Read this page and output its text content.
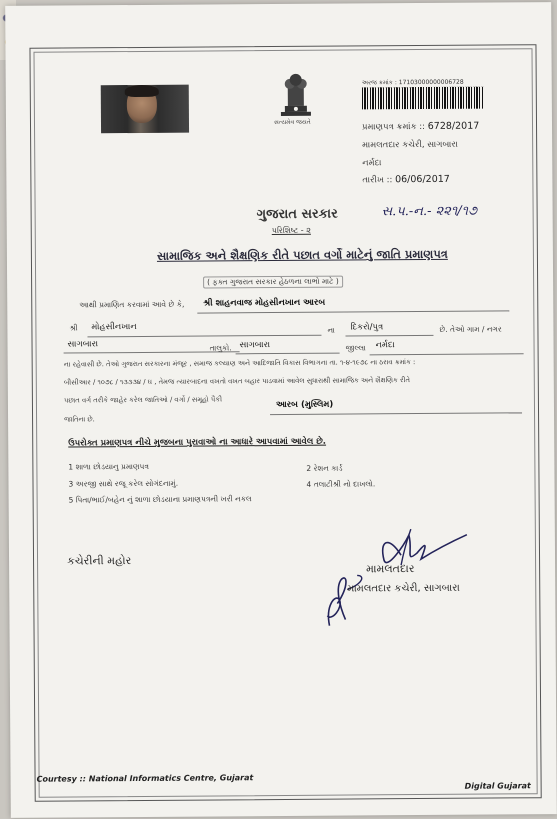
સત્યમેવ જયતે
અરજ ક્રમાંક : 17103000000006728
પ્રમાણપત્ર ક્રમાંક :: 6728/2017
મામલતદાર કચેરી, સાગબારા
નર્મદા
તારીખ :: 06/06/2017
ગુજરાત સરકાર
પરિશિષ્ટ - ૨
સ.પ.-ન.- ૨૨૧/૧૭
સામાજિક અને શૈક્ષણિક રીતે પછાત વર્ગો માટેનું જાતિ પ્રમાણપત્ર
( ફક્ત ગુજરાત સરકાર હેઠળના લાભો માટે )
આથી પ્રમાણિત કરવામાં આવે છે કે, શ્રી શાહનવાજ મોહસીનખાન આરબ
શ્રી મોહસીનખાન	ના દિકરો/પુત્ર	છે. તેઓ ગામ / નગર
સાગબારા	તાલુકો. સાગબારા	જીલ્લા નર્મદા
ના રહેવાસી છે. તેઓ ગુજરાત સરકારના મંજૂર , સમાજ કલ્યાણ અને આદિજાતિ વિકાસ વિભાગના તા. ૧-૪-૧૯૭૮ ના ઠરાવ ક્રમાંક :
બીસીઆર / ૧૦૭૮ / ૧૩૩૩૪ / ઘ , તેમજ ત્યારબાદના વખતો વખત બહાર પાડવામાં આવેલ સુધારાથી સામાજિક અને શૈક્ષણિક રીતે
પછાત વર્ગ તરીકે જાહેર કરેલ જાતિઓ / વર્ગો / સમૂહો પૈકી	આરબ (મુસ્લિમ)
જાતિના છે.
ઉપરોક્ત પ્રમાણપત્ર નીચે મુજબના પુરાવાઓ ના આધારે આપવામાં આવેલ છે.
1 શાળા છોડયાનુ પ્રમાણપત્ર	2 રેશન કાર્ડ
3 અરજી સાથે રજૂ કરેલ સોગંદનામું.	4 તલાટીશ્રી નો દાખલો.
5 પિતા/ભાઈ/બહેન નું શાળા છોડયાના પ્રમાણપત્રની ખરી નકલ
કચેરીની મહોર
મામલતદાર
મામલતદાર કચેરી, સાગબારા
Courtesy :: National Informatics Centre, Gujarat
Digital Gujarat
